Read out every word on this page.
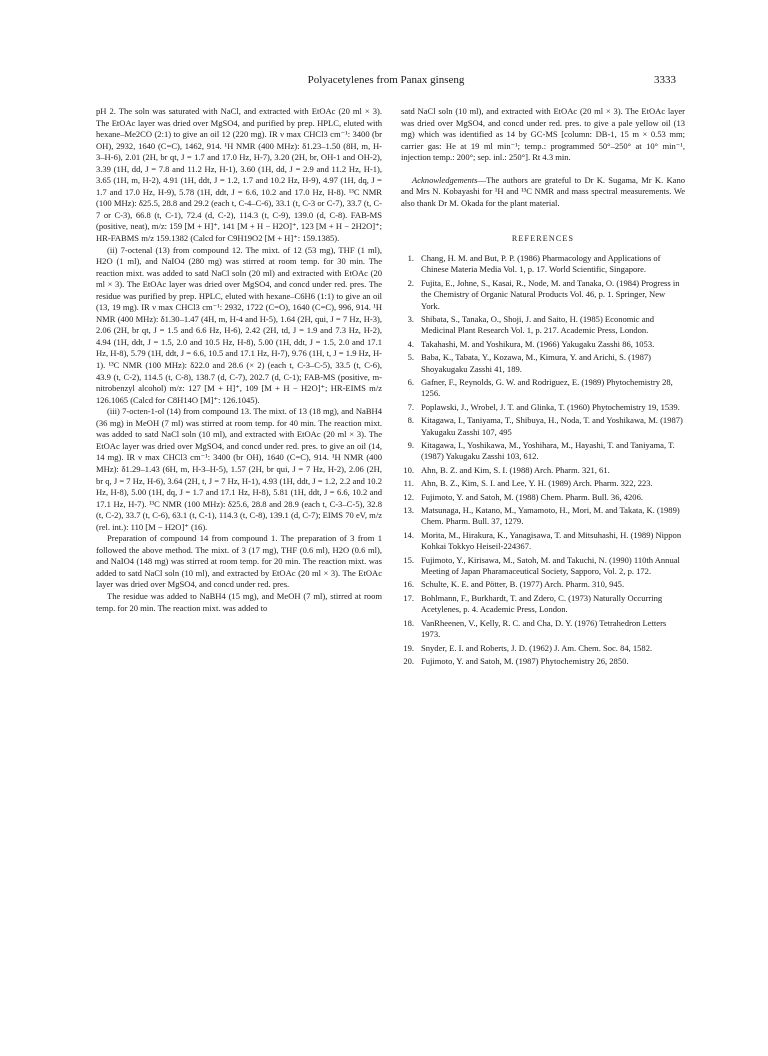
Polyacetylenes from Panax ginseng	3333

pH 2. The soln was saturated with NaCl, and extracted with EtOAc (20 ml × 3). The EtOAc layer was dried over MgSO4, and purified by prep. HPLC, eluted with hexane–Me2CO (2:1) to give an oil 12 (220 mg). IR ν max CHCl3 cm⁻¹: 3400 (br OH), 2932, 1640 (C=C), 1462, 914. ¹H NMR (400 MHz): δ1.23–1.50 (8H, m, H-3–H-6), 2.01 (2H, br qt, J = 1.7 and 17.0 Hz, H-7), 3.20 (2H, br, OH-1 and OH-2), 3.39 (1H, dd, J = 7.8 and 11.2 Hz, H-1), 3.60 (1H, dd, J = 2.9 and 11.2 Hz, H-1), 3.65 (1H, m, H-2), 4.91 (1H, ddt, J = 1.2, 1.7 and 10.2 Hz, H-9), 4.97 (1H, dq, J = 1.7 and 17.0 Hz, H-9), 5.78 (1H, ddt, J = 6.6, 10.2 and 17.0 Hz, H-8). ¹³C NMR (100 MHz): δ25.5, 28.8 and 29.2 (each t, C-4–C-6), 33.1 (t, C-3 or C-7), 33.7 (t, C-7 or C-3), 66.8 (t, C-1), 72.4 (d, C-2), 114.3 (t, C-9), 139.0 (d, C-8). FAB-MS (positive, neat), m/z: 159 [M + H]⁺, 141 [M + H − H2O]⁺, 123 [M + H − 2H2O]⁺; HR-FABMS m/z 159.1382 (Calcd for C9H19O2 [M + H]⁺: 159.1385).

(ii) 7-octenal (13) from compound 12. The mixt. of 12 (53 mg), THF (1 ml), H2O (1 ml), and NaIO4 (280 mg) was stirred at room temp. for 30 min. The reaction mixt. was added to satd NaCl soln (20 ml) and extracted with EtOAc (20 ml × 3). The EtOAc layer was dried over MgSO4, and concd under red. pres. The residue was purified by prep. HPLC, eluted with hexane–C6H6 (1:1) to give an oil (13, 19 mg). IR ν max CHCl3 cm⁻¹: 2932, 1722 (C=O), 1640 (C=C), 996, 914. ¹H NMR (400 MHz): δ1.30–1.47 (4H, m, H-4 and H-5), 1.64 (2H, qui, J = 7 Hz, H-3), 2.06 (2H, br qt, J = 1.5 and 6.6 Hz, H-6), 2.42 (2H, td, J = 1.9 and 7.3 Hz, H-2), 4.94 (1H, ddt, J = 1.5, 2.0 and 10.5 Hz, H-8), 5.00 (1H, ddt, J = 1.5, 2.0 and 17.1 Hz, H-8), 5.79 (1H, ddt, J = 6.6, 10.5 and 17.1 Hz, H-7), 9.76 (1H, t, J = 1.9 Hz, H-1). ¹³C NMR (100 MHz): δ22.0 and 28.6 (× 2) (each t, C-3–C-5), 33.5 (t, C-6), 43.9 (t, C-2), 114.5 (t, C-8), 138.7 (d, C-7), 202.7 (d, C-1); FAB-MS (positive, m-nitrobenzyl alcohol) m/z: 127 [M + H]⁺, 109 [M + H − H2O]⁺; HR-EIMS m/z 126.1065 (Calcd for C8H14O [M]⁺: 126.1045).

(iii) 7-octen-1-ol (14) from compound 13. The mixt. of 13 (18 mg), and NaBH4 (36 mg) in MeOH (7 ml) was stirred at room temp. for 40 min. The reaction mixt. was added to satd NaCl soln (10 ml), and extracted with EtOAc (20 ml × 3). The EtOAc layer was dried over MgSO4, and concd under red. pres. to give an oil (14, 14 mg). IR ν max CHCl3 cm⁻¹: 3400 (br OH), 1640 (C=C), 914. ¹H NMR (400 MHz): δ1.29–1.43 (6H, m, H-3–H-5), 1.57 (2H, br qui, J = 7 Hz, H-2), 2.06 (2H, br q, J = 7 Hz, H-6), 3.64 (2H, t, J = 7 Hz, H-1), 4.93 (1H, ddt, J = 1.2, 2.2 and 10.2 Hz, H-8), 5.00 (1H, dq, J = 1.7 and 17.1 Hz, H-8), 5.81 (1H, ddt, J = 6.6, 10.2 and 17.1 Hz, H-7). ¹³C NMR (100 MHz): δ25.6, 28.8 and 28.9 (each t, C-3–C-5), 32.8 (t, C-2), 33.7 (t, C-6), 63.1 (t, C-1), 114.3 (t, C-8), 139.1 (d, C-7); EIMS 70 eV, m/z (rel. int.): 110 [M − H2O]⁺ (16).

Preparation of compound 14 from compound 1. The preparation of 3 from 1 followed the above method. The mixt. of 3 (17 mg), THF (0.6 ml), H2O (0.6 ml), and NaIO4 (148 mg) was stirred at room temp. for 20 min. The reaction mixt. was added to satd NaCl soln (10 ml), and extracted by EtOAc (20 ml × 3). The EtOAc layer was dried over MgSO4, and concd under red. pres.

The residue was added to NaBH4 (15 mg), and MeOH (7 ml), stirred at room temp. for 20 min. The reaction mixt. was added to

satd NaCl soln (10 ml), and extracted with EtOAc (20 ml × 3). The EtOAc layer was dried over MgSO4, and concd under red. pres. to give a pale yellow oil (13 mg) which was identified as 14 by GC-MS [column: DB-1, 15 m × 0.53 mm; carrier gas: He at 19 ml min⁻¹; temp.: programmed 50°–250° at 10° min⁻¹, injection temp.: 200°; sep. inl.: 250°]. Rt 4.3 min.

Acknowledgements—The authors are grateful to Dr K. Sugama, Mr K. Kano and Mrs N. Kobayashi for ¹H and ¹³C NMR and mass spectral measurements. We also thank Dr M. Okada for the plant material.

REFERENCES
1. Chang, H. M. and But, P. P. (1986) Pharmacology and Applications of Chinese Materia Media Vol. 1, p. 17. World Scientific, Singapore.
2. Fujita, E., Johne, S., Kasai, R., Node, M. and Tanaka, O. (1984) Progress in the Chemistry of Organic Natural Products Vol. 46, p. 1. Springer, New York.
3. Shibata, S., Tanaka, O., Shoji, J. and Saito, H. (1985) Economic and Medicinal Plant Research Vol. 1, p. 217. Academic Press, London.
4. Takahashi, M. and Yoshikura, M. (1966) Yakugaku Zasshi 86, 1053.
5. Baba, K., Tabata, Y., Kozawa, M., Kimura, Y. and Arichi, S. (1987) Shoyakugaku Zasshi 41, 189.
6. Gafner, F., Reynolds, G. W. and Rodriguez, E. (1989) Phytochemistry 28, 1256.
7. Poplawski, J., Wrobel, J. T. and Glinka, T. (1960) Phytochemistry 19, 1539.
8. Kitagawa, I., Taniyama, T., Shibuya, H., Noda, T. and Yoshikawa, M. (1987) Yakugaku Zasshi 107, 495
9. Kitagawa, I., Yoshikawa, M., Yoshihara, M., Hayashi, T. and Taniyama, T. (1987) Yakugaku Zasshi 103, 612.
10. Ahn, B. Z. and Kim, S. I. (1988) Arch. Pharm. 321, 61.
11. Ahn, B. Z., Kim, S. I. and Lee, Y. H. (1989) Arch. Pharm. 322, 223.
12. Fujimoto, Y. and Satoh, M. (1988) Chem. Pharm. Bull. 36, 4206.
13. Matsunaga, H., Katano, M., Yamamoto, H., Mori, M. and Takata, K. (1989) Chem. Pharm. Bull. 37, 1279.
14. Morita, M., Hirakura, K., Yanagisawa, T. and Mitsuhashi, H. (1989) Nippon Kohkai Tokkyo Heiseil-224367.
15. Fujimoto, Y., Kirisawa, M., Satoh, M. and Takuchi, N. (1990) 110th Annual Meeting of Japan Pharamaceutical Society, Sapporo, Vol. 2, p. 172.
16. Schulte, K. E. and Pötter, B. (1977) Arch. Pharm. 310, 945.
17. Bohlmann, F., Burkhardt, T. and Zdero, C. (1973) Naturally Occurring Acetylenes, p. 4. Academic Press, London.
18. VanRheenen, V., Kelly, R. C. and Cha, D. Y. (1976) Tetrahedron Letters 1973.
19. Snyder, E. I. and Roberts, J. D. (1962) J. Am. Chem. Soc. 84, 1582.
20. Fujimoto, Y. and Satoh, M. (1987) Phytochemistry 26, 2850.
